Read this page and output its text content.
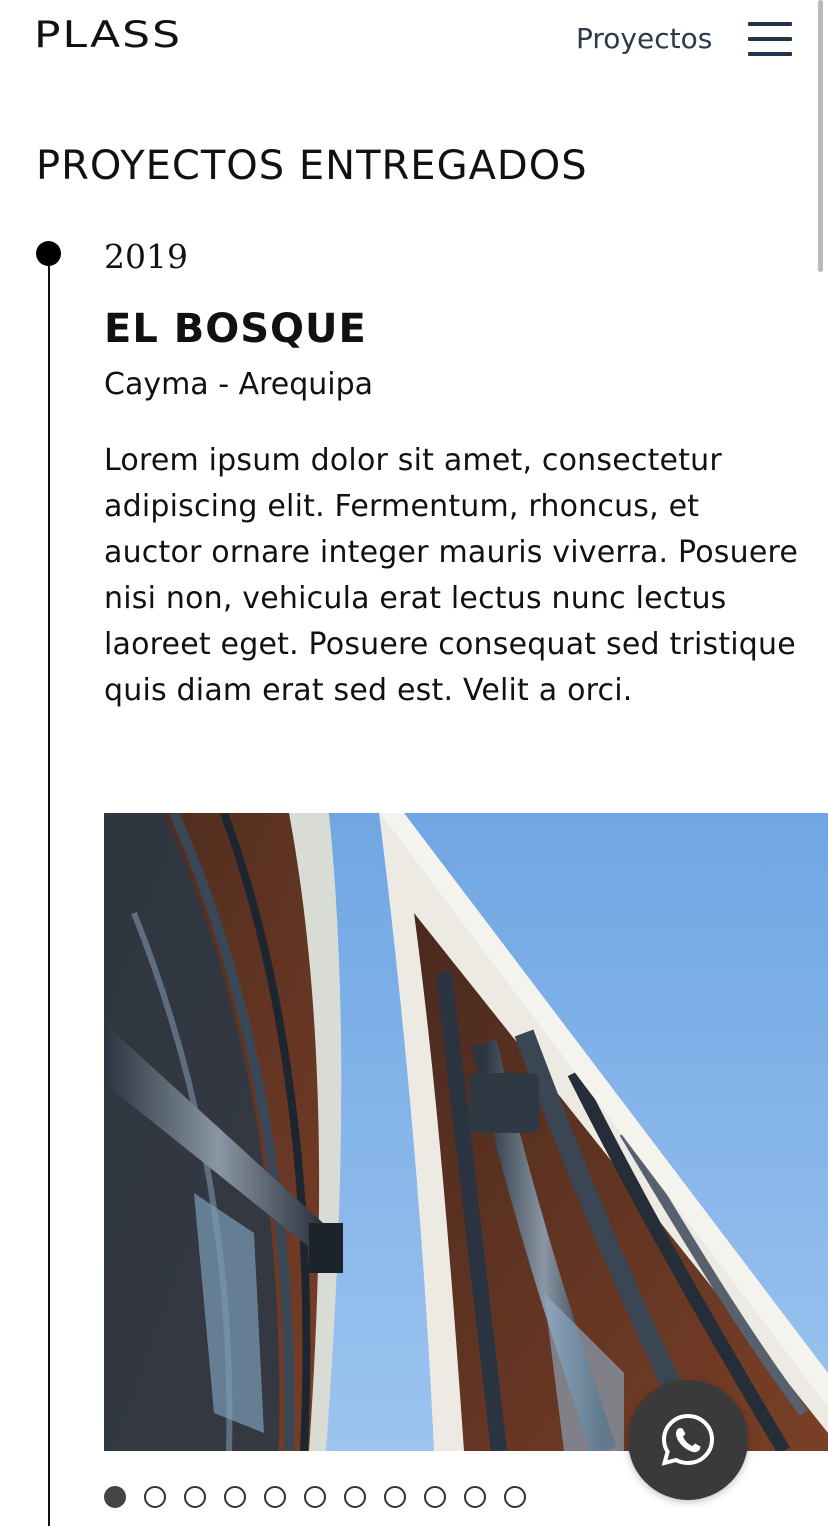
PLASS	Proyectos
PROYECTOS ENTREGADOS
2019
EL BOSQUE
Cayma - Arequipa

Lorem ipsum dolor sit amet, consectetur adipiscing elit. Fermentum, rhoncus, et auctor ornare integer mauris viverra. Posuere nisi non, vehicula erat lectus nunc lectus laoreet eget. Posuere consequat sed tristique quis diam erat sed est. Velit a orci.
